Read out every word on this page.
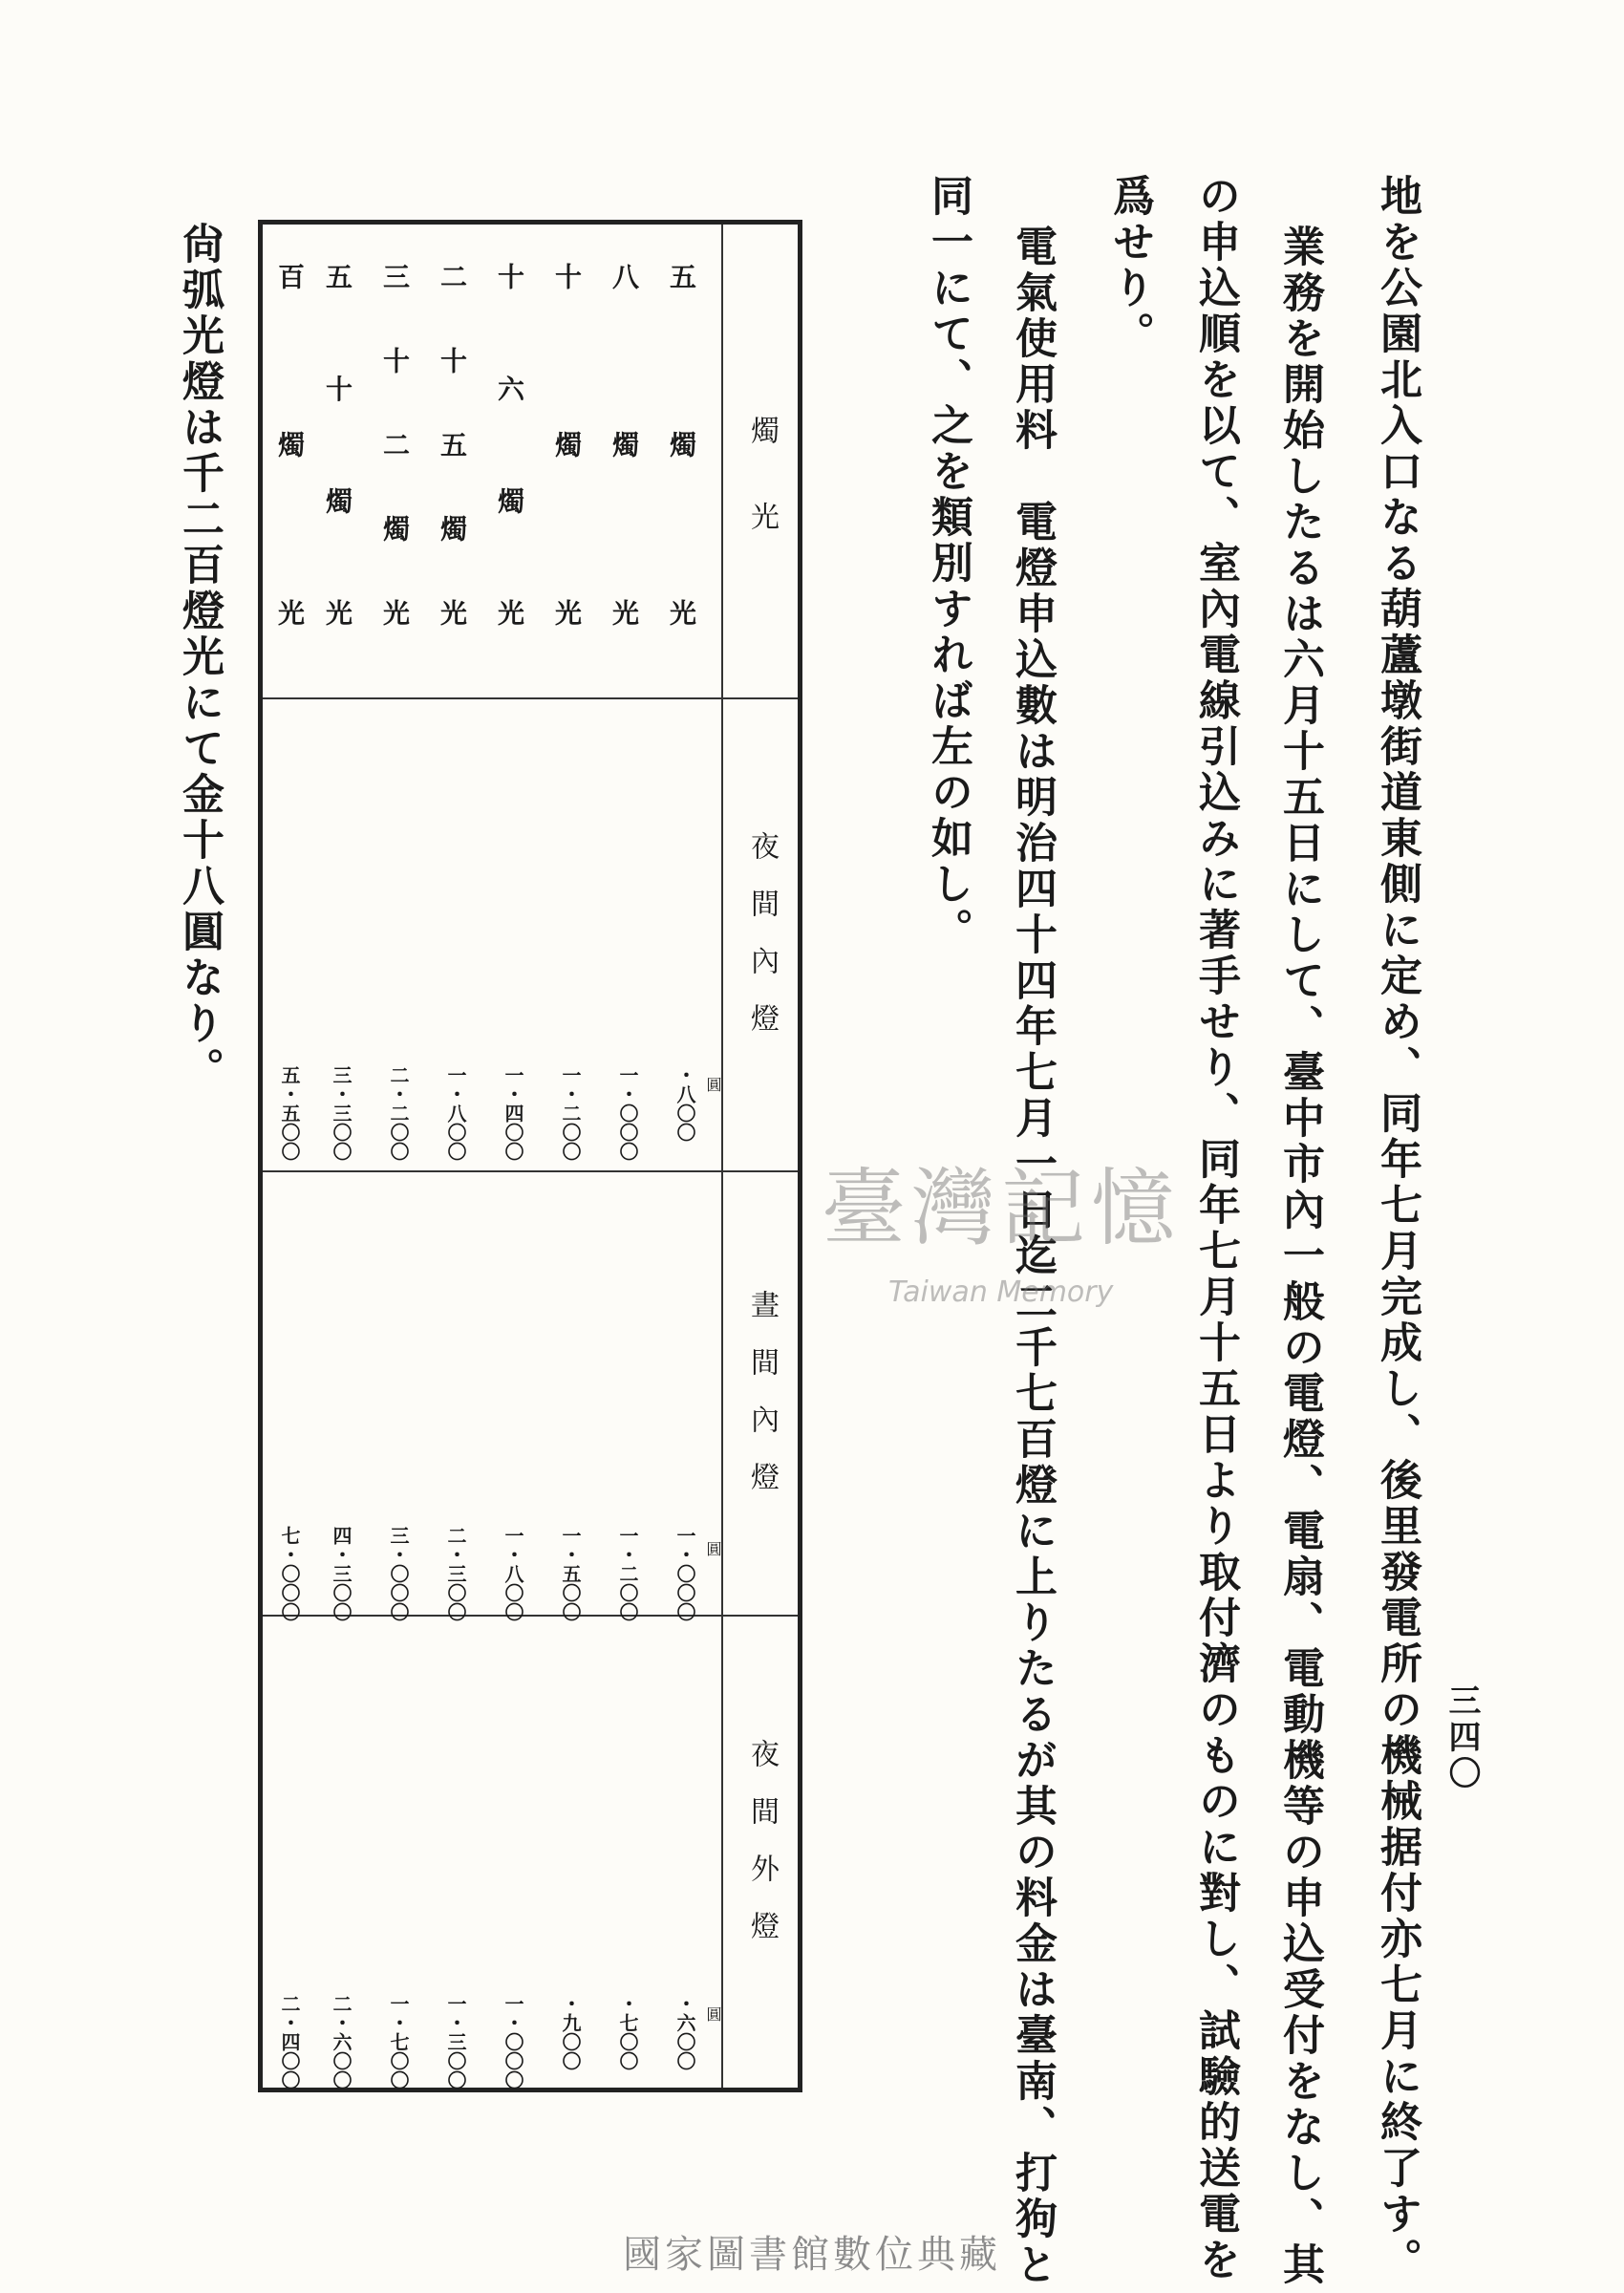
三四〇
地を公園北入口なる葫蘆墩街道東側に定め、同年七月完成し、後里發電所の機械据付亦七月に終了す。
業務を開始したるは六月十五日にして、臺中市內一般の電燈、電扇、電動機等の申込受付をなし、其
の申込順を以て、室內電線引込みに著手せり、同年七月十五日より取付濟のものに對し、試驗的送電を
爲せり。
電氣使用料　電燈申込數は明治四十四年七月一日迄二千七百燈に上りたるが其の料金は臺南、打狗と
同一にて、之を類別すれば左の如し。
燭　　光
夜　間　內　燈
晝　間　內　燈
夜　間　外　燈
圓
圓
圓
五燭光
・八〇〇
一・〇〇〇
・六〇〇
八燭光
一・〇〇〇
一・二〇〇
・七〇〇
十燭光
一・二〇〇
一・五〇〇
・九〇〇
十六燭光
一・四〇〇
一・八〇〇
一・〇〇〇
二十五燭光
一・八〇〇
二・三〇〇
一・三〇〇
三十二燭光
二・二〇〇
三・〇〇〇
一・七〇〇
五十燭光
三・三〇〇
四・三〇〇
二・六〇〇
百燭光
五・五〇〇
七・〇〇〇
二・四〇〇
尙弧光燈は千二百燈光にて金十八圓なり。
臺灣記憶
Taiwan Memory
國家圖書館數位典藏
